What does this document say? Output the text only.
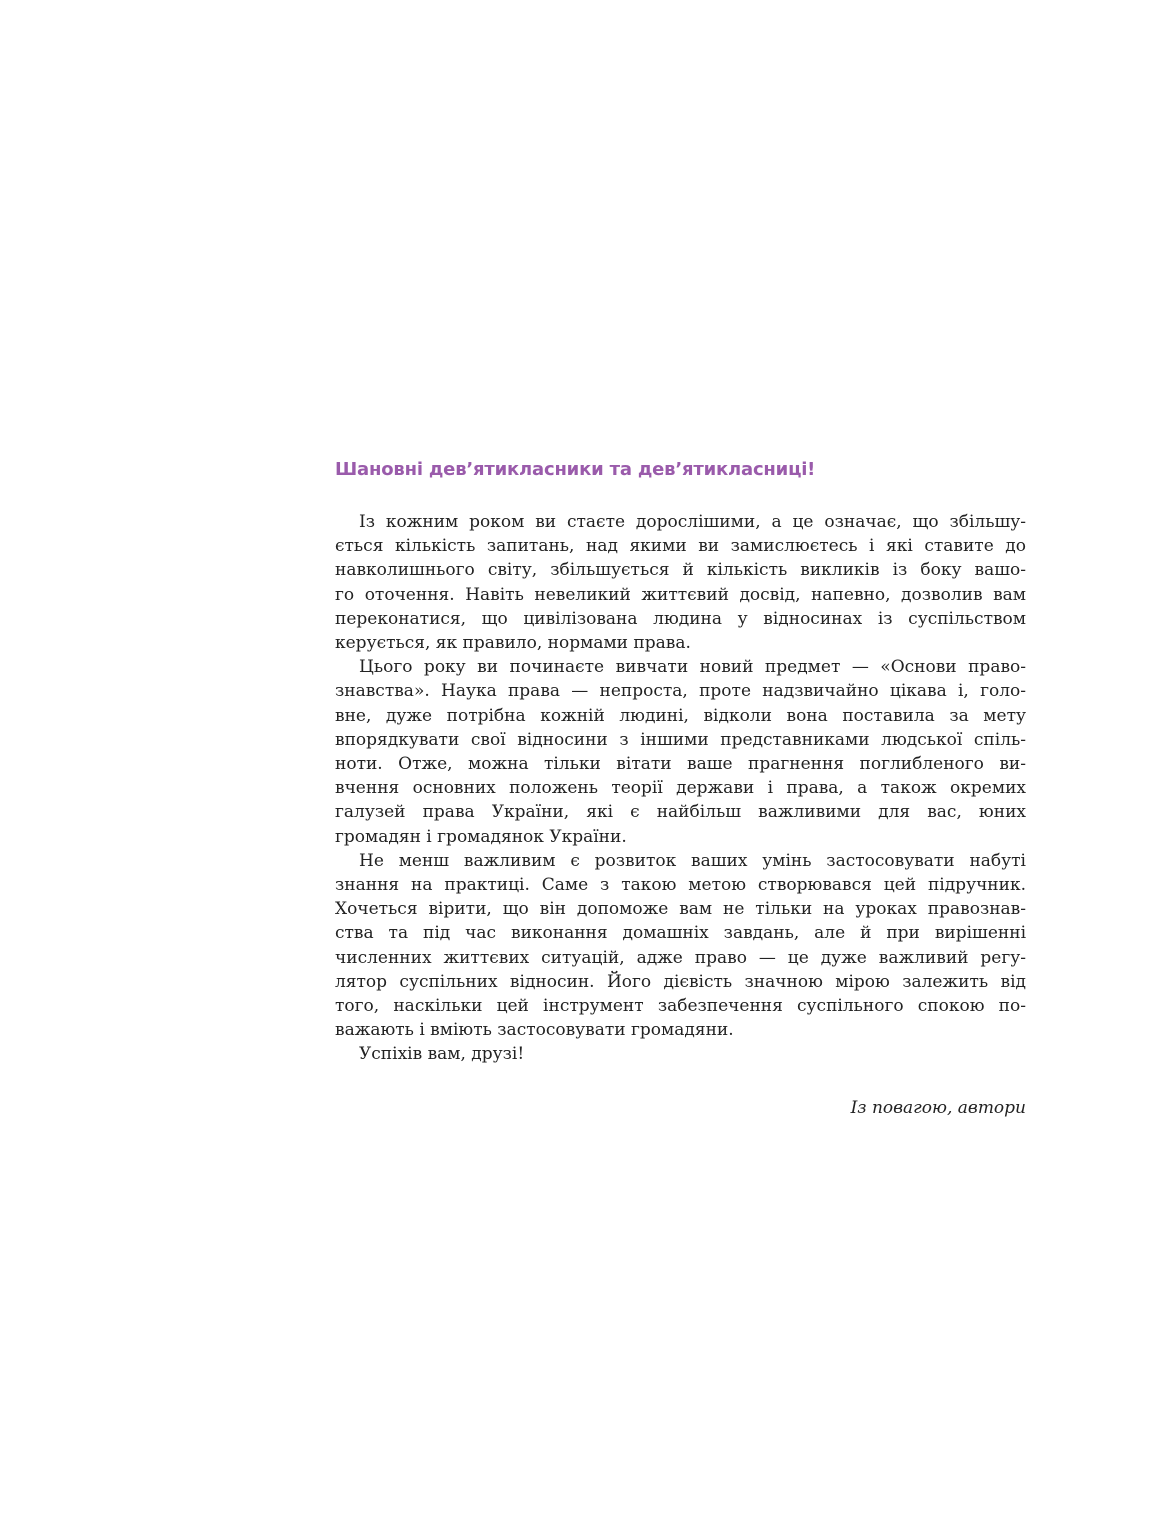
Шановні дев’ятикласники та дев’ятикласниці!

Із кожним роком ви стаєте дорослішими, а це означає, що збільшу-
ється кількість запитань, над якими ви замислюєтесь і які ставите до
навколишнього світу, збільшується й кількість викликів із боку вашо-
го оточення. Навіть невеликий життєвий досвід, напевно, дозволив вам
переконатися, що цивілізована людина у відносинах із суспільством
керується, як правило, нормами права.

Цього року ви починаєте вивчати новий предмет — «Основи право-
знавства». Наука права — непроста, проте надзвичайно цікава і, голо-
вне, дуже потрібна кожній людині, відколи вона поставила за мету
впорядкувати свої відносини з іншими представниками людської спіль-
ноти. Отже, можна тільки вітати ваше прагнення поглибленого ви-
вчення основних положень теорії держави і права, а також окремих
галузей права України, які є найбільш важливими для вас, юних
громадян і громадянок України.

Не менш важливим є розвиток ваших умінь застосовувати набуті
знання на практиці. Саме з такою метою створювався цей підручник.
Хочеться вірити, що він допоможе вам не тільки на уроках правознав-
ства та під час виконання домашніх завдань, але й при вирішенні
численних життєвих ситуацій, адже право — це дуже важливий регу-
лятор суспільних відносин. Його дієвість значною мірою залежить від
того, наскільки цей інструмент забезпечення суспільного спокою по-
важають і вміють застосовувати громадяни.

Успіхів вам, друзі!

Із повагою, автори
